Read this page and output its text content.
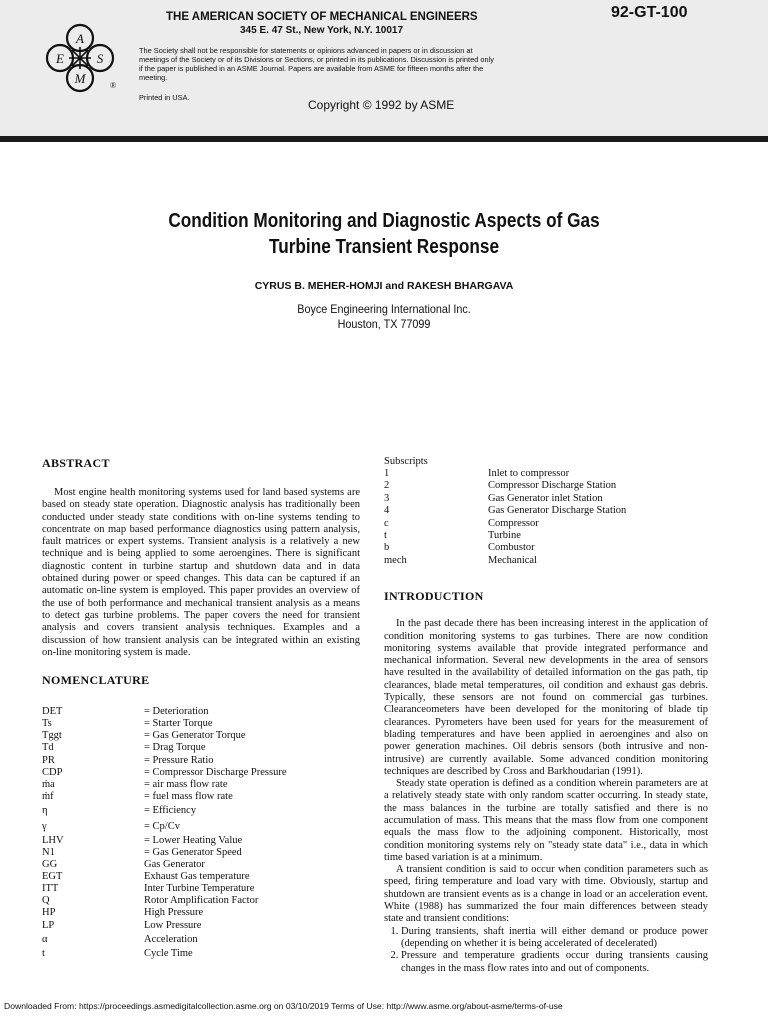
A
S
M
E
®
THE AMERICAN SOCIETY OF MECHANICAL ENGINEERS
345 E. 47 St., New York, N.Y. 10017
92-GT-100
The Society shall not be responsible for statements or opinions advanced in papers or in discussion at meetings of the Society or of its Divisions or Sections, or printed in its publications. Discussion is printed only if the paper is published in an ASME Journal. Papers are available from ASME for fifteen months after the meeting.
Printed in USA.
Copyright © 1992 by ASME
Condition Monitoring and Diagnostic Aspects of Gas
Turbine Transient Response
CYRUS B. MEHER-HOMJI and RAKESH BHARGAVA
Boyce Engineering International Inc.
Houston, TX 77099
ABSTRACT

Most engine health monitoring systems used for land based systems are based on steady state operation. Diagnostic analysis has traditionally been conducted under steady state conditions with on-line systems tending to concentrate on map based performance diagnostics using pattern analysis, fault matrices or expert systems. Transient analysis is a relatively a new technique and is being applied to some aeroengines. There is significant diagnostic content in turbine startup and shutdown data and in data obtained during power or speed changes. This data can be captured if an automatic on-line system is employed. This paper provides an overview of the use of both performance and mechanical transient analysis as a means to detect gas turbine problems. The paper covers the need for transient analysis and covers transient analysis techniques. Examples and a discussion of how transient analysis can be integrated within an existing on-line monitoring system is made.

NOMENCLATURE
DET	= Deterioration
Ts	= Starter Torque
Tggt	= Gas Generator Torque
Td	= Drag Torque
PR	= Pressure Ratio
CDP	= Compressor Discharge Pressure
ṁa	= air mass flow rate
ṁf	= fuel mass flow rate
η	= Efficiency
γ	= Cp/Cv
LHV	= Lower Heating Value
N1	= Gas Generator Speed
GG	Gas Generator
EGT	Exhaust Gas temperature
ITT	Inter Turbine Temperature
Q	Rotor Amplification Factor
HP	High Pressure
LP	Low Pressure
α	Acceleration
t	Cycle Time
Subscripts
1	Inlet to compressor
2	Compressor Discharge Station
3	Gas Generator inlet Station
4	Gas Generator Discharge Station
c	Compressor
t	Turbine
b	Combustor
mech	Mechanical
INTRODUCTION

In the past decade there has been increasing interest in the application of condition monitoring systems to gas turbines. There are now condition monitoring systems available that provide integrated performance and mechanical information. Several new developments in the area of sensors have resulted in the availability of detailed information on the gas path, tip clearances, blade metal temperatures, oil condition and exhaust gas debris. Typically, these sensors are not found on commercial gas turbines. Clearanceometers have been developed for the monitoring of blade tip clearances. Pyrometers have been used for years for the measurement of blading temperatures and have been applied in aeroengines and also on power generation machines. Oil debris sensors (both intrusive and non-intrusive) are currently available. Some advanced condition monitoring techniques are described by Cross and Barkhoudarian (1991).

Steady state operation is defined as a condition wherein parameters are at a relatively steady state with only random scatter occurring. In steady state, the mass balances in the turbine are totally satisfied and there is no accumulation of mass. This means that the mass flow from one component equals the mass flow to the adjoining component. Historically, most condition monitoring systems rely on "steady state data" i.e., data in which time based variation is at a minimum.

A transient condition is said to occur when condition parameters such as speed, firing temperature and load vary with time. Obviously, startup and shutdown are transient events as is a change in load or an acceleration event. White (1988) has summarized the four main differences between steady state and transient conditions:

1. During transients, shaft inertia will either demand or produce power (depending on whether it is being accelerated of decelerated)
2. Pressure and temperature gradients occur during transients causing changes in the mass flow rates into and out of components.
Downloaded From: https://proceedings.asmedigitalcollection.asme.org on 03/10/2019 Terms of Use: http://www.asme.org/about-asme/terms-of-use
